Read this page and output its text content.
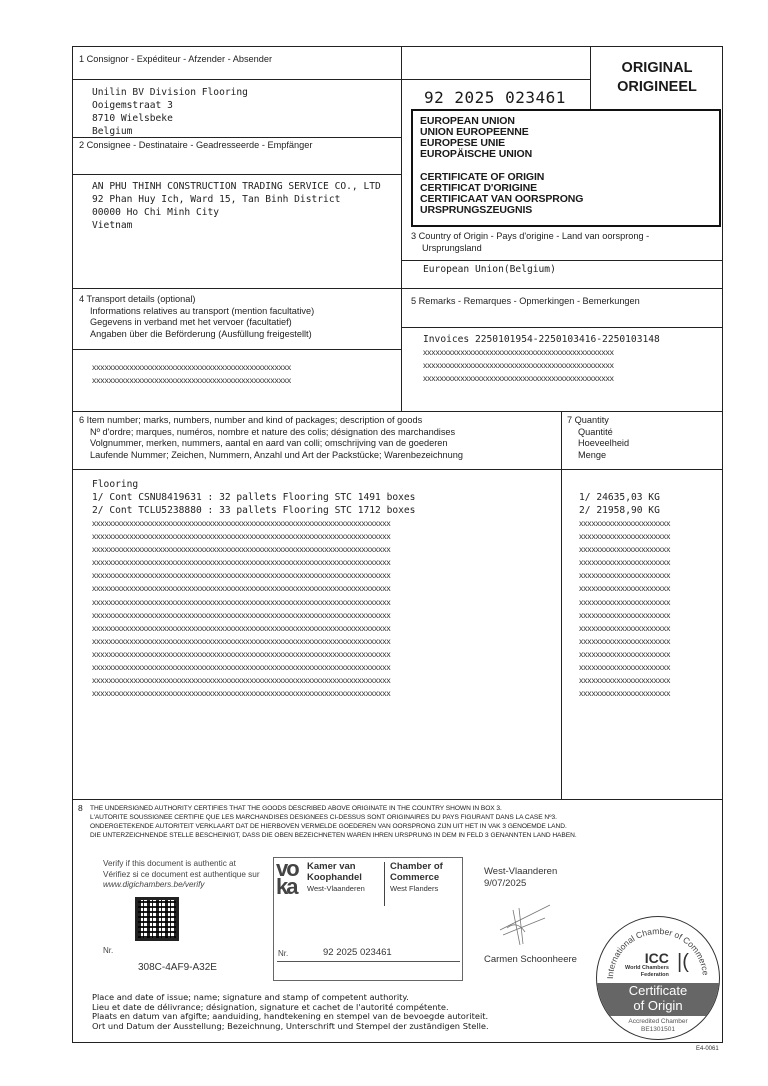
1 Consignor - Expéditeur - Afzender - Absender
Unilin BV Division Flooring
Ooigemstraat 3
8710 Wielsbeke
Belgium
2 Consignee - Destinataire - Geadresseerde - Empfänger
AN PHU THINH CONSTRUCTION TRADING SERVICE CO., LTD
92 Phan Huy Ich, Ward 15, Tan Binh District
00000 Ho Chi Minh City
Vietnam
92 2025 023461
ORIGINAL
ORIGINEEL
EUROPEAN UNION
UNION EUROPEENNE
EUROPESE UNIE
EUROPÄISCHE UNION
CERTIFICATE OF ORIGIN
CERTIFICAT D'ORIGINE
CERTIFICAAT VAN OORSPRONG
URSPRUNGSZEUGNIS
3 Country of Origin - Pays d'origine - Land van oorsprong -
Ursprungsland
European Union(Belgium)
5 Remarks - Remarques - Opmerkingen - Bemerkungen
Invoices 2250101954-2250103416-2250103148
xxxxxxxxxxxxxxxxxxxxxxxxxxxxxxxxxxxxxxxxxxxxxx
xxxxxxxxxxxxxxxxxxxxxxxxxxxxxxxxxxxxxxxxxxxxxx
xxxxxxxxxxxxxxxxxxxxxxxxxxxxxxxxxxxxxxxxxxxxxx
4 Transport details (optional)
Informations relatives au transport (mention facultative)
Gegevens in verband met het vervoer (facultatief)
Angaben über die Beförderung (Ausfüllung freigestellt)
xxxxxxxxxxxxxxxxxxxxxxxxxxxxxxxxxxxxxxxxxxxxxxxx
xxxxxxxxxxxxxxxxxxxxxxxxxxxxxxxxxxxxxxxxxxxxxxxx
6 Item number; marks, numbers, number and kind of packages; description of goods
Nº d'ordre; marques, numéros, nombre et nature des colis; désignation des marchandises
Volgnummer, merken, nummers, aantal en aard van colli; omschrijving van de goederen
Laufende Nummer; Zeichen, Nummern, Anzahl und Art der Packstücke; Warenbezeichnung
Flooring
1/ Cont CSNU8419631 : 32 pallets Flooring STC 1491 boxes
2/ Cont TCLU5238880 : 33 pallets Flooring STC 1712 boxes
xxxxxxxxxxxxxxxxxxxxxxxxxxxxxxxxxxxxxxxxxxxxxxxxxxxxxxxxxxxxxxxxxxxxxxxx
xxxxxxxxxxxxxxxxxxxxxxxxxxxxxxxxxxxxxxxxxxxxxxxxxxxxxxxxxxxxxxxxxxxxxxxx
xxxxxxxxxxxxxxxxxxxxxxxxxxxxxxxxxxxxxxxxxxxxxxxxxxxxxxxxxxxxxxxxxxxxxxxx
xxxxxxxxxxxxxxxxxxxxxxxxxxxxxxxxxxxxxxxxxxxxxxxxxxxxxxxxxxxxxxxxxxxxxxxx
xxxxxxxxxxxxxxxxxxxxxxxxxxxxxxxxxxxxxxxxxxxxxxxxxxxxxxxxxxxxxxxxxxxxxxxx
xxxxxxxxxxxxxxxxxxxxxxxxxxxxxxxxxxxxxxxxxxxxxxxxxxxxxxxxxxxxxxxxxxxxxxxx
xxxxxxxxxxxxxxxxxxxxxxxxxxxxxxxxxxxxxxxxxxxxxxxxxxxxxxxxxxxxxxxxxxxxxxxx
xxxxxxxxxxxxxxxxxxxxxxxxxxxxxxxxxxxxxxxxxxxxxxxxxxxxxxxxxxxxxxxxxxxxxxxx
xxxxxxxxxxxxxxxxxxxxxxxxxxxxxxxxxxxxxxxxxxxxxxxxxxxxxxxxxxxxxxxxxxxxxxxx
xxxxxxxxxxxxxxxxxxxxxxxxxxxxxxxxxxxxxxxxxxxxxxxxxxxxxxxxxxxxxxxxxxxxxxxx
xxxxxxxxxxxxxxxxxxxxxxxxxxxxxxxxxxxxxxxxxxxxxxxxxxxxxxxxxxxxxxxxxxxxxxxx
xxxxxxxxxxxxxxxxxxxxxxxxxxxxxxxxxxxxxxxxxxxxxxxxxxxxxxxxxxxxxxxxxxxxxxxx
xxxxxxxxxxxxxxxxxxxxxxxxxxxxxxxxxxxxxxxxxxxxxxxxxxxxxxxxxxxxxxxxxxxxxxxx
xxxxxxxxxxxxxxxxxxxxxxxxxxxxxxxxxxxxxxxxxxxxxxxxxxxxxxxxxxxxxxxxxxxxxxxx
7 Quantity
Quantité
Hoeveelheid
Menge
1/ 24635,03 KG
2/ 21958,90 KG
xxxxxxxxxxxxxxxxxxxxxx
xxxxxxxxxxxxxxxxxxxxxx
xxxxxxxxxxxxxxxxxxxxxx
xxxxxxxxxxxxxxxxxxxxxx
xxxxxxxxxxxxxxxxxxxxxx
xxxxxxxxxxxxxxxxxxxxxx
xxxxxxxxxxxxxxxxxxxxxx
xxxxxxxxxxxxxxxxxxxxxx
xxxxxxxxxxxxxxxxxxxxxx
xxxxxxxxxxxxxxxxxxxxxx
xxxxxxxxxxxxxxxxxxxxxx
xxxxxxxxxxxxxxxxxxxxxx
xxxxxxxxxxxxxxxxxxxxxx
xxxxxxxxxxxxxxxxxxxxxx
8 THE UNDERSIGNED AUTHORITY CERTIFIES THAT THE GOODS DESCRIBED ABOVE ORIGINATE IN THE COUNTRY SHOWN IN BOX 3.
L'AUTORITE SOUSSIGNEE CERTIFIE QUE LES MARCHANDISES DESIGNEES CI-DESSUS SONT ORIGINAIRES DU PAYS FIGURANT DANS LA CASE Nº3.
ONDERGETEKENDE AUTORITEIT VERKLAART DAT DE HIERBOVEN VERMELDE GOEDEREN VAN OORSPRONG ZIJN UIT HET IN VAK 3 GENOEMDE LAND.
DIE UNTERZEICHNENDE STELLE BESCHEINIGT, DASS DIE OBEN BEZEICHNETEN WAREN IHREN URSPRUNG IN DEM IN FELD 3 GENANNTEN LAND HABEN.
Verify if this document is authentic at
Vérifiez si ce document est authentique sur
www.digichambers.be/verify
Nr.
308C-4AF9-A32E
vo
ka
Kamer van
Koophandel
West-Vlaanderen
Chamber of
Commerce
West Flanders
Nr.	92 2025 023461
West-Vlaanderen
9/07/2025
Carmen Schoonheere
International Chamber of Commerce
ICC
World Chambers
Federation
|(
Certificate
of Origin
Accredited Chamber
BE1301501
Place and date of issue; name; signature and stamp of competent authority.
Lieu et date de délivrance; désignation, signature et cachet de l'autorité compétente.
Plaats en datum van afgifte; aanduiding, handtekening en stempel van de bevoegde autoriteit.
Ort und Datum der Ausstellung; Bezeichnung, Unterschrift und Stempel der zuständigen Stelle.
E4-0061
